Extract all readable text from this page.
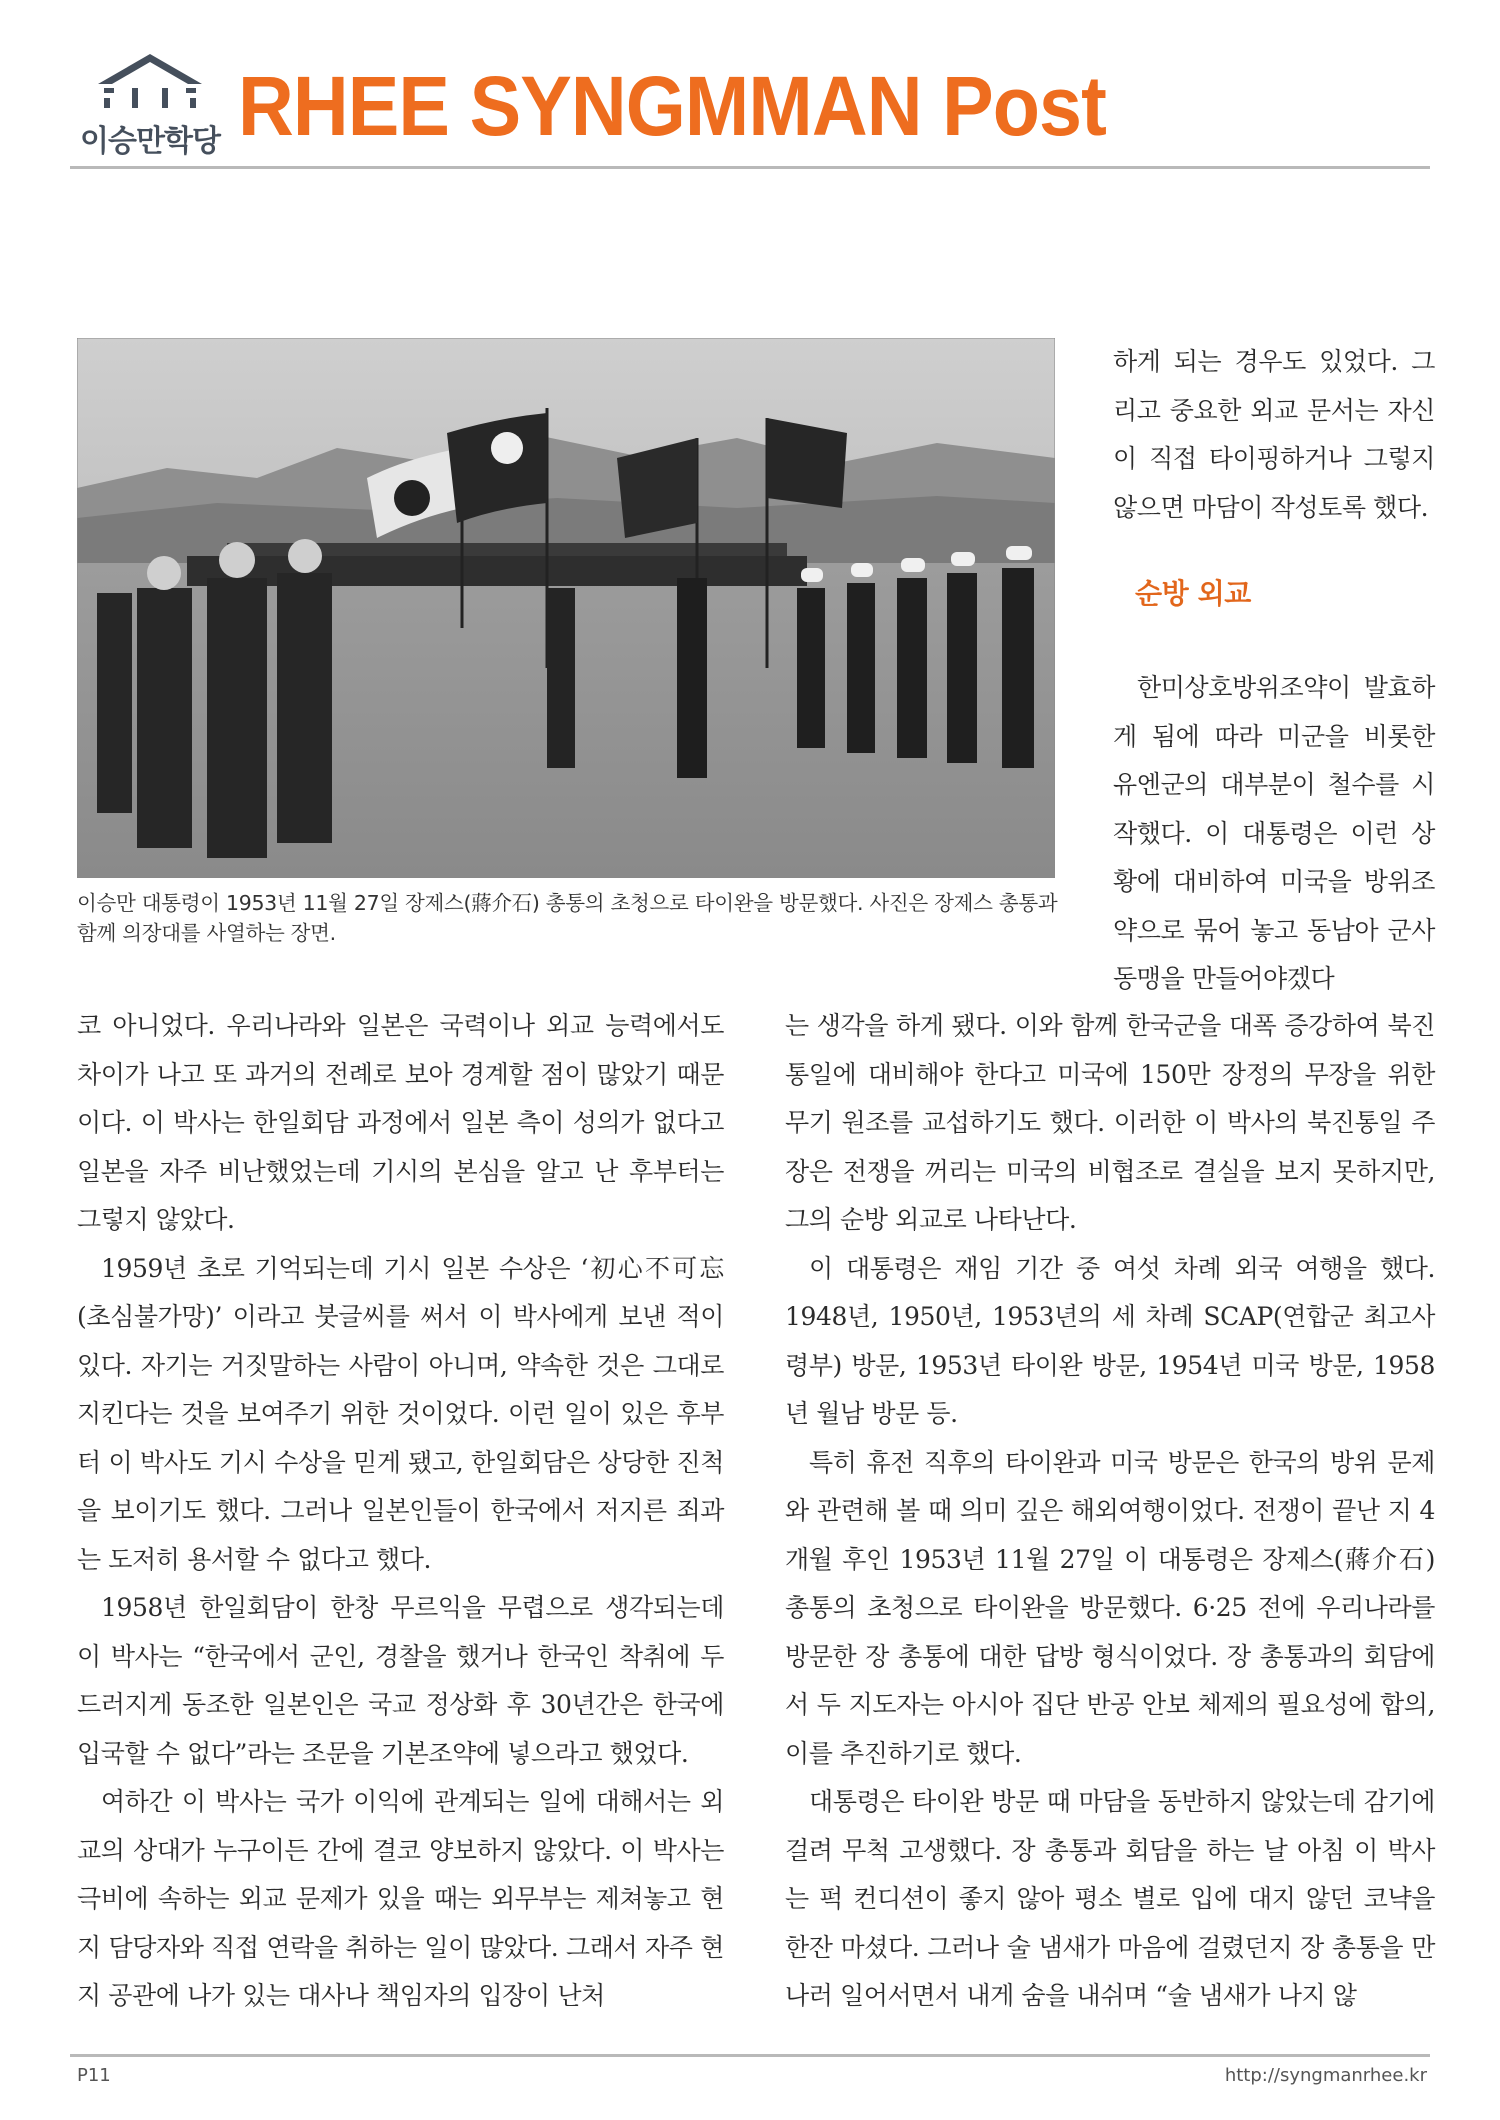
이승만학당 RHEE SYNGMMAN Post
이승만 대통령이 1953년 11월 27일 장제스(蔣介石) 총통의 초청으로 타이완을 방문했다. 사진은 장제스 총통과 함께 의장대를 사열하는 장면.

하게 되는 경우도 있었다. 그리고 중요한 외교 문서는 자신이 직접 타이핑하거나 그렇지 않으면 마담이 작성토록 했다.

순방 외교

한미상호방위조약이 발효하게 됨에 따라 미군을 비롯한 유엔군의 대부분이 철수를 시작했다. 이 대통령은 이런 상황에 대비하여 미국을 방위조약으로 묶어 놓고 동남아 군사동맹을 만들어야겠다

코 아니었다. 우리나라와 일본은 국력이나 외교 능력에서도 차이가 나고 또 과거의 전례로 보아 경계할 점이 많았기 때문이다. 이 박사는 한일회담 과정에서 일본 측이 성의가 없다고 일본을 자주 비난했었는데 기시의 본심을 알고 난 후부터는 그렇지 않았다.

1959년 초로 기억되는데 기시 일본 수상은 ‘初心不可忘(초심불가망)’ 이라고 붓글씨를 써서 이 박사에게 보낸 적이 있다. 자기는 거짓말하는 사람이 아니며, 약속한 것은 그대로 지킨다는 것을 보여주기 위한 것이었다. 이런 일이 있은 후부터 이 박사도 기시 수상을 믿게 됐고, 한일회담은 상당한 진척을 보이기도 했다. 그러나 일본인들이 한국에서 저지른 죄과는 도저히 용서할 수 없다고 했다.

1958년 한일회담이 한창 무르익을 무렵으로 생각되는데 이 박사는 “한국에서 군인, 경찰을 했거나 한국인 착취에 두드러지게 동조한 일본인은 국교 정상화 후 30년간은 한국에 입국할 수 없다”라는 조문을 기본조약에 넣으라고 했었다.

여하간 이 박사는 국가 이익에 관계되는 일에 대해서는 외교의 상대가 누구이든 간에 결코 양보하지 않았다. 이 박사는 극비에 속하는 외교 문제가 있을 때는 외무부는 제쳐놓고 현지 담당자와 직접 연락을 취하는 일이 많았다. 그래서 자주 현지 공관에 나가 있는 대사나 책임자의 입장이 난처

는 생각을 하게 됐다. 이와 함께 한국군을 대폭 증강하여 북진통일에 대비해야 한다고 미국에 150만 장정의 무장을 위한 무기 원조를 교섭하기도 했다. 이러한 이 박사의 북진통일 주장은 전쟁을 꺼리는 미국의 비협조로 결실을 보지 못하지만, 그의 순방 외교로 나타난다.

이 대통령은 재임 기간 중 여섯 차례 외국 여행을 했다. 1948년, 1950년, 1953년의 세 차례 SCAP(연합군 최고사령부) 방문, 1953년 타이완 방문, 1954년 미국 방문, 1958년 월남 방문 등.

특히 휴전 직후의 타이완과 미국 방문은 한국의 방위 문제와 관련해 볼 때 의미 깊은 해외여행이었다. 전쟁이 끝난 지 4개월 후인 1953년 11월 27일 이 대통령은 장제스(蔣介石) 총통의 초청으로 타이완을 방문했다. 6·25 전에 우리나라를 방문한 장 총통에 대한 답방 형식이었다. 장 총통과의 회담에서 두 지도자는 아시아 집단 반공 안보 체제의 필요성에 합의, 이를 추진하기로 했다.

대통령은 타이완 방문 때 마담을 동반하지 않았는데 감기에 걸려 무척 고생했다. 장 총통과 회담을 하는 날 아침 이 박사는 퍽 컨디션이 좋지 않아 평소 별로 입에 대지 않던 코냑을 한잔 마셨다. 그러나 술 냄새가 마음에 걸렸던지 장 총통을 만나러 일어서면서 내게 숨을 내쉬며 “술 냄새가 나지 않

P11	http://syngmanrhee.kr
